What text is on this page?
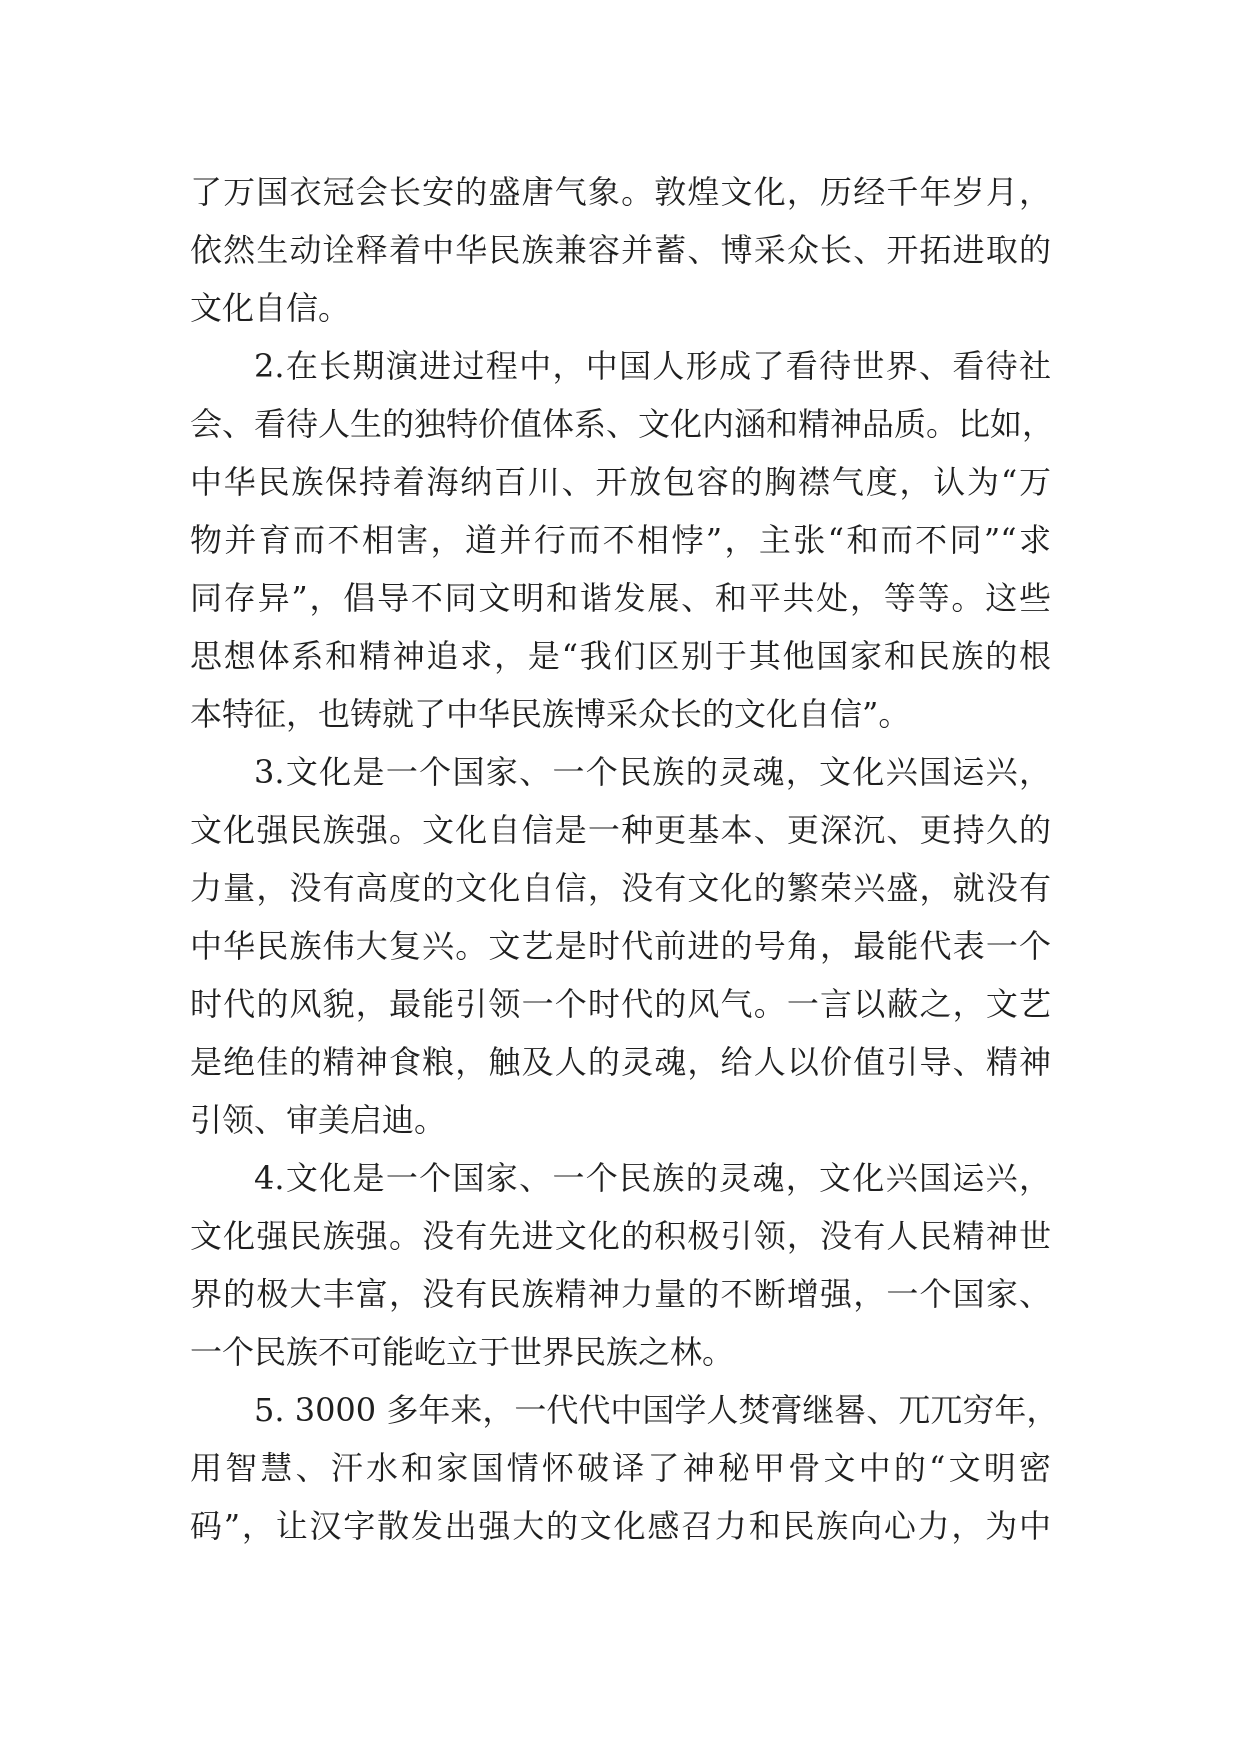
了万国衣冠会长安的盛唐气象。敦煌文化，历经千年岁月，
依然生动诠释着中华民族兼容并蓄、博采众长、开拓进取的
文化自信。
2.在长期演进过程中，中国人形成了看待世界、看待社
会、看待人生的独特价值体系、文化内涵和精神品质。比如，
中华民族保持着海纳百川、开放包容的胸襟气度，认为“万
物并育而不相害，道并行而不相悖”，主张“和而不同”“求
同存异”，倡导不同文明和谐发展、和平共处，等等。这些
思想体系和精神追求，是“我们区别于其他国家和民族的根
本特征，也铸就了中华民族博采众长的文化自信”。
3.文化是一个国家、一个民族的灵魂，文化兴国运兴，
文化强民族强。文化自信是一种更基本、更深沉、更持久的
力量，没有高度的文化自信，没有文化的繁荣兴盛，就没有
中华民族伟大复兴。文艺是时代前进的号角，最能代表一个
时代的风貌，最能引领一个时代的风气。一言以蔽之，文艺
是绝佳的精神食粮，触及人的灵魂，给人以价值引导、精神
引领、审美启迪。
4.文化是一个国家、一个民族的灵魂，文化兴国运兴，
文化强民族强。没有先进文化的积极引领，没有人民精神世
界的极大丰富，没有民族精神力量的不断增强，一个国家、
一个民族不可能屹立于世界民族之林。
5. 3000 多年来，一代代中国学人焚膏继晷、兀兀穷年，
用智慧、汗水和家国情怀破译了神秘甲骨文中的“文明密
码”，让汉字散发出强大的文化感召力和民族向心力，为中
